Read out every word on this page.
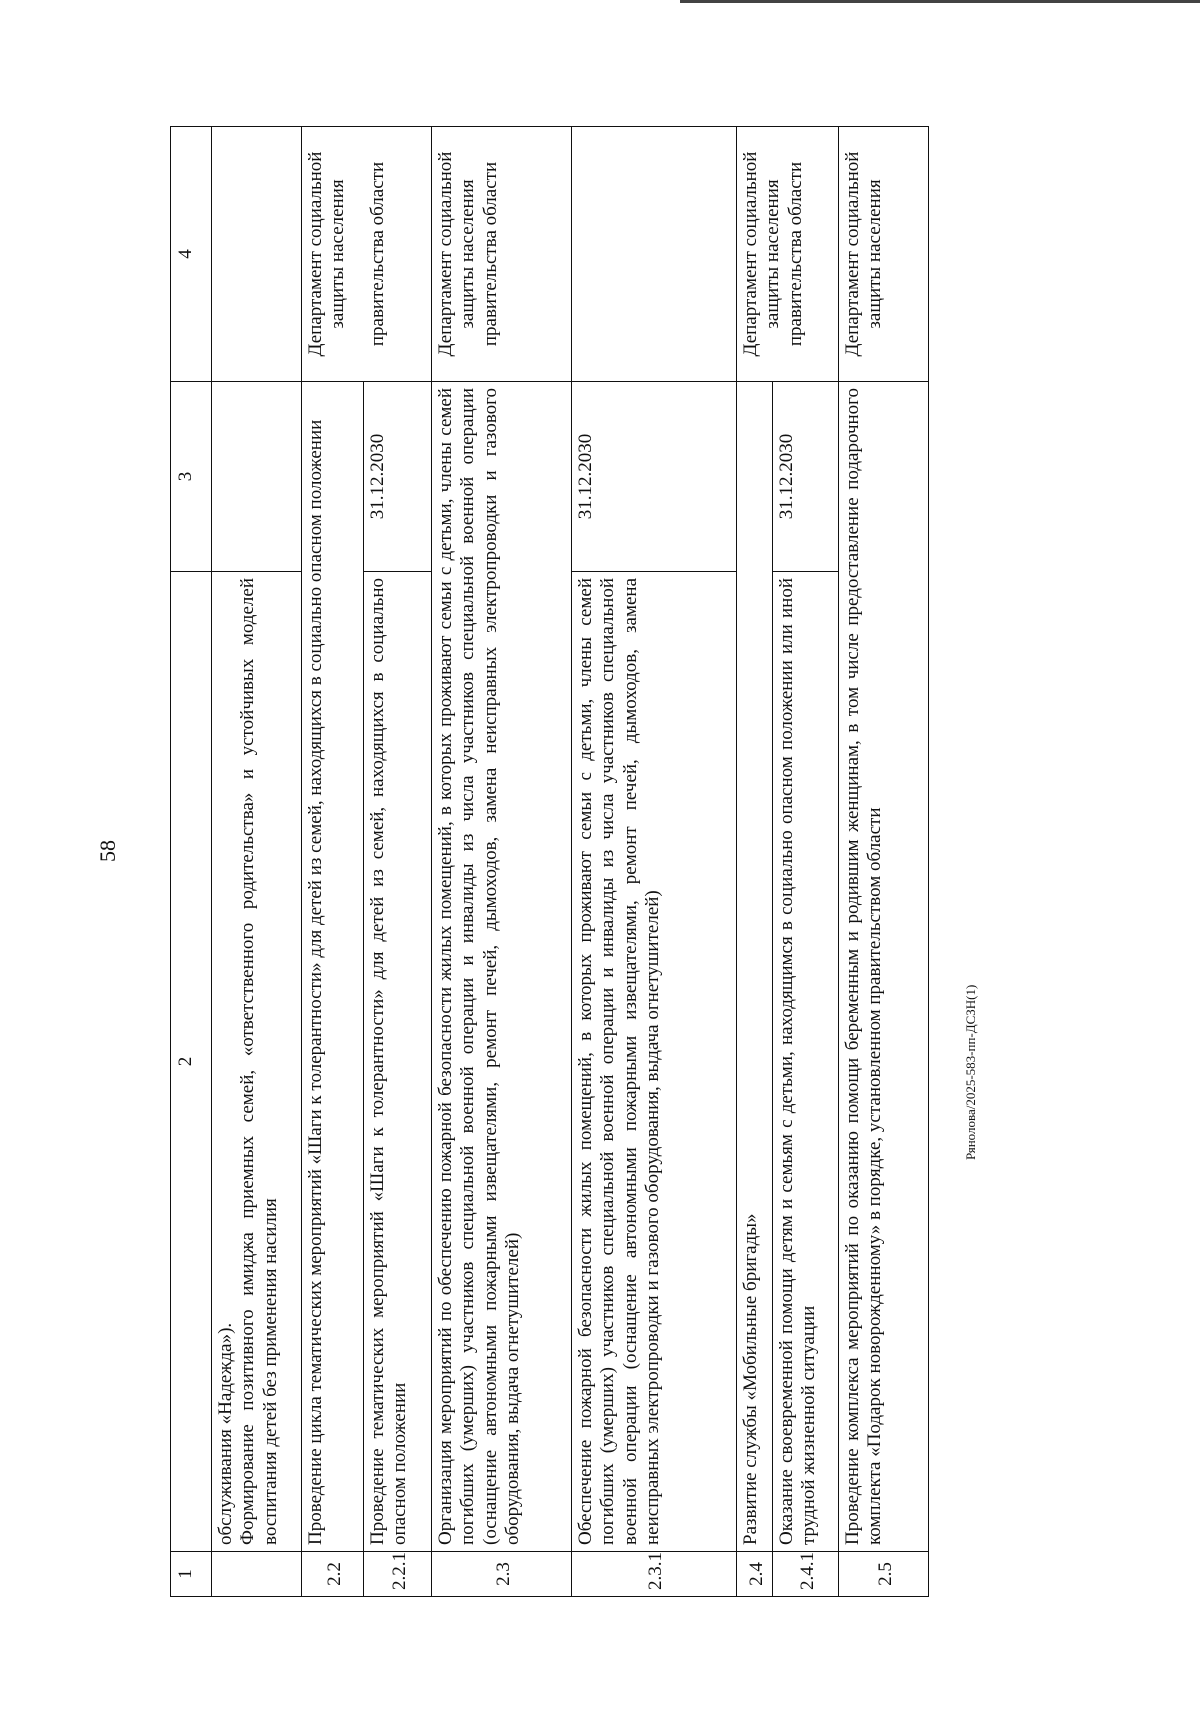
58
Рянолова/2025-583-пп-ДСЗН(1)
1	2	3	4

	обслуживания «Надежда»). Формирование позитивного имиджа приемных семей, «ответственного родительства» и устойчивых моделей воспитания детей без применения насилия		

2.2	Проведение цикла тематических мероприятий «Шаги к толерантности» для детей из семей, находящихся в социально опасном положении		Департамент социальной защиты населения
2.2.1	Проведение тематических мероприятий «Шаги к толерантности» для детей из семей, находящихся в социально опасном положении	31.12.2030	правительства области
2.3	Организация мероприятий по обеспечению пожарной безопасности жилых помещений, в которых проживают семьи с детьми, члены семей погибших (умерших) участников специальной военной операции и инвалиды из числа участников специальной военной операции (оснащение автономными пожарными извещателями, ремонт печей, дымоходов, замена неисправных электропроводки и газового оборудования, выдача огнетушителей)		Департамент социальной защиты населения правительства области
2.3.1	Обеспечение пожарной безопасности жилых помещений, в которых проживают семьи с детьми, члены семей погибших (умерших) участников специальной военной операции и инвалиды из числа участников специальной военной операции (оснащение автономными пожарными извещателями, ремонт печей, дымоходов, замена неисправных электропроводки и газового оборудования, выдача огнетушителей)	31.12.2030	
2.4	Развитие службы «Мобильные бригады»		Департамент социальной защиты населения правительства области
2.4.1	Оказание своевременной помощи детям и семьям с детьми, находящимся в социально опасном положении или иной трудной жизненной ситуации	31.12.2030	
2.5	Проведение комплекса мероприятий по оказанию помощи беременным и родившим женщинам, в том числе предоставление подарочного комплекта «Подарок новорожденному» в порядке, установленном правительством области		Департамент социальной защиты населения
